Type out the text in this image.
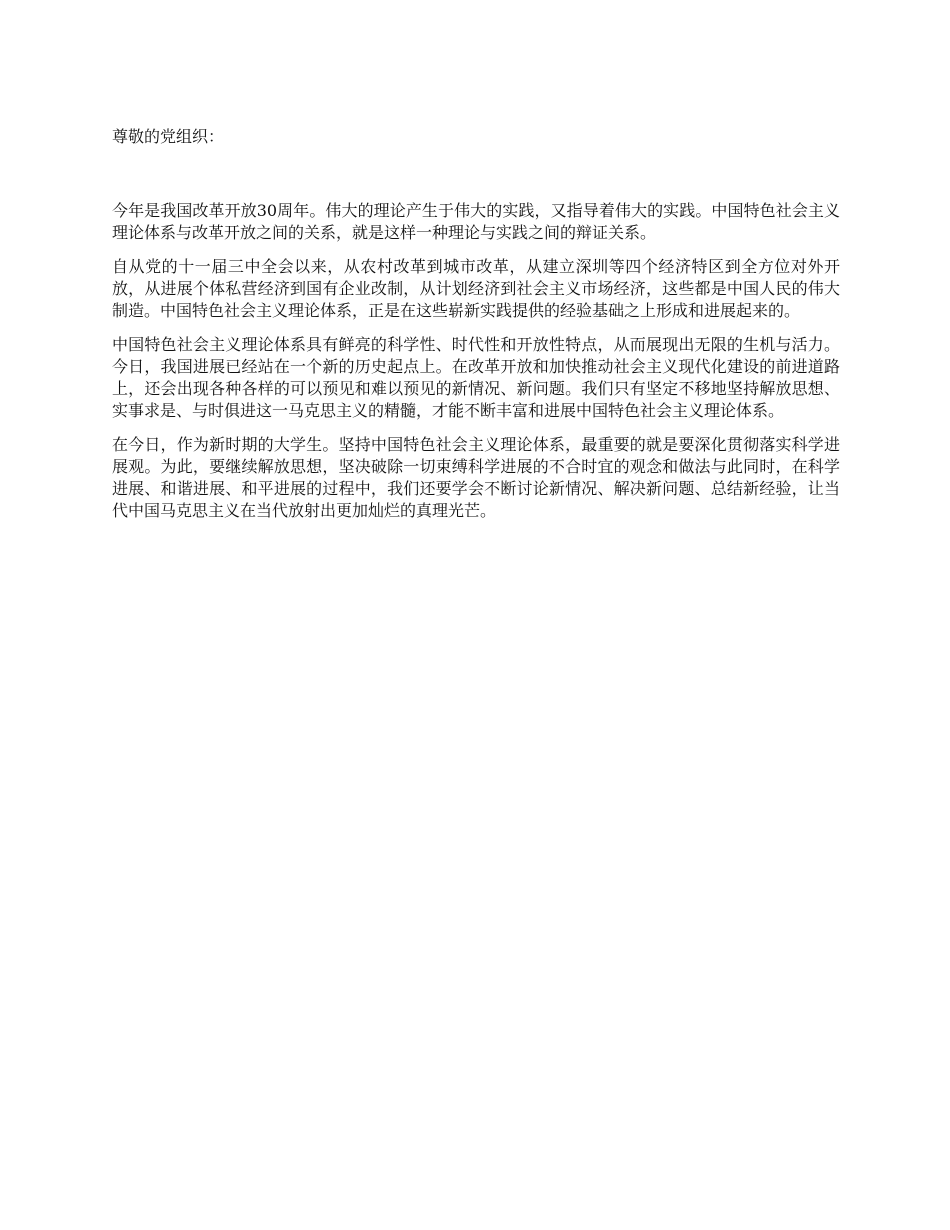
尊敬的党组织：

今年是我国改革开放30周年。伟大的理论产生于伟大的实践，又指导着伟大的实践。中国特色社会主义理论体系与改革开放之间的关系，就是这样一种理论与实践之间的辩证关系。

自从党的十一届三中全会以来，从农村改革到城市改革，从建立深圳等四个经济特区到全方位对外开放，从进展个体私营经济到国有企业改制，从计划经济到社会主义市场经济，这些都是中国人民的伟大制造。中国特色社会主义理论体系，正是在这些崭新实践提供的经验基础之上形成和进展起来的。

中国特色社会主义理论体系具有鲜亮的科学性、时代性和开放性特点，从而展现出无限的生机与活力。今日，我国进展已经站在一个新的历史起点上。在改革开放和加快推动社会主义现代化建设的前进道路上，还会出现各种各样的可以预见和难以预见的新情况、新问题。我们只有坚定不移地坚持解放思想、实事求是、与时俱进这一马克思主义的精髓，才能不断丰富和进展中国特色社会主义理论体系。

在今日，作为新时期的大学生。坚持中国特色社会主义理论体系，最重要的就是要深化贯彻落实科学进展观。为此，要继续解放思想，坚决破除一切束缚科学进展的不合时宜的观念和做法与此同时，在科学进展、和谐进展、和平进展的过程中，我们还要学会不断讨论新情况、解决新问题、总结新经验，让当代中国马克思主义在当代放射出更加灿烂的真理光芒。
